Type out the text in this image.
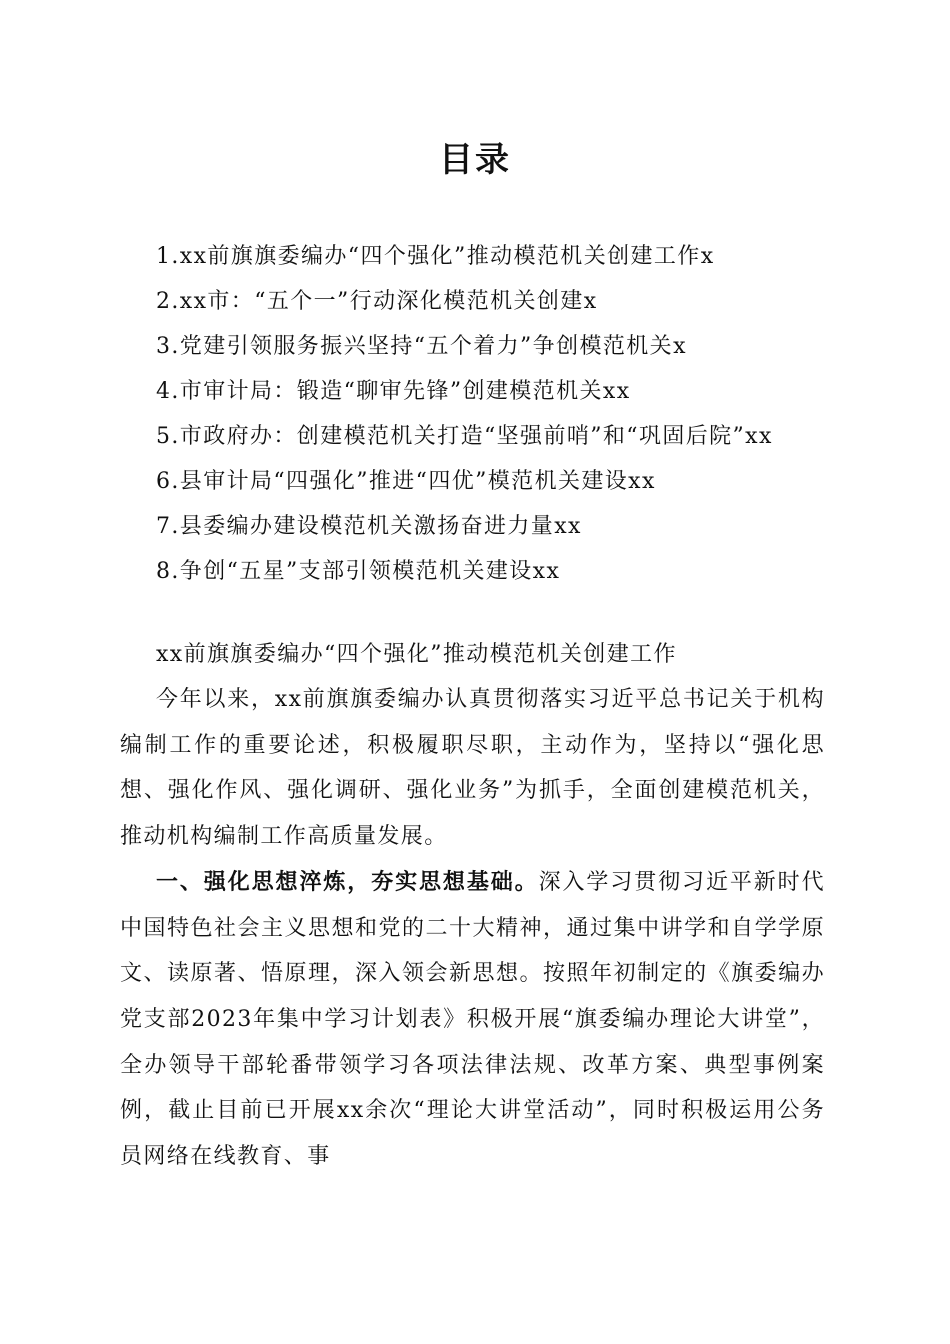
目录
1.xx前旗旗委编办“四个强化”推动模范机关创建工作x
2.xx市：“五个一”行动深化模范机关创建x
3.党建引领服务振兴坚持“五个着力”争创模范机关x
4.市审计局：锻造“聊审先锋”创建模范机关xx
5.市政府办：创建模范机关打造“坚强前哨”和“巩固后院”xx
6.县审计局“四强化”推进“四优”模范机关建设xx
7.县委编办建设模范机关激扬奋进力量xx
8.争创“五星”支部引领模范机关建设xx

xx前旗旗委编办“四个强化”推动模范机关创建工作

今年以来，xx前旗旗委编办认真贯彻落实习近平总书记关于机构编制工作的重要论述，积极履职尽职，主动作为，坚持以“强化思想、强化作风、强化调研、强化业务”为抓手，全面创建模范机关，推动机构编制工作高质量发展。

一、强化思想淬炼，夯实思想基础。深入学习贯彻习近平新时代中国特色社会主义思想和党的二十大精神，通过集中讲学和自学学原文、读原著、悟原理，深入领会新思想。按照年初制定的《旗委编办党支部2023年集中学习计划表》积极开展“旗委编办理论大讲堂”，全办领导干部轮番带领学习各项法律法规、改革方案、典型事例案例，截止目前已开展xx余次“理论大讲堂活动”，同时积极运用公务员网络在线教育、事
